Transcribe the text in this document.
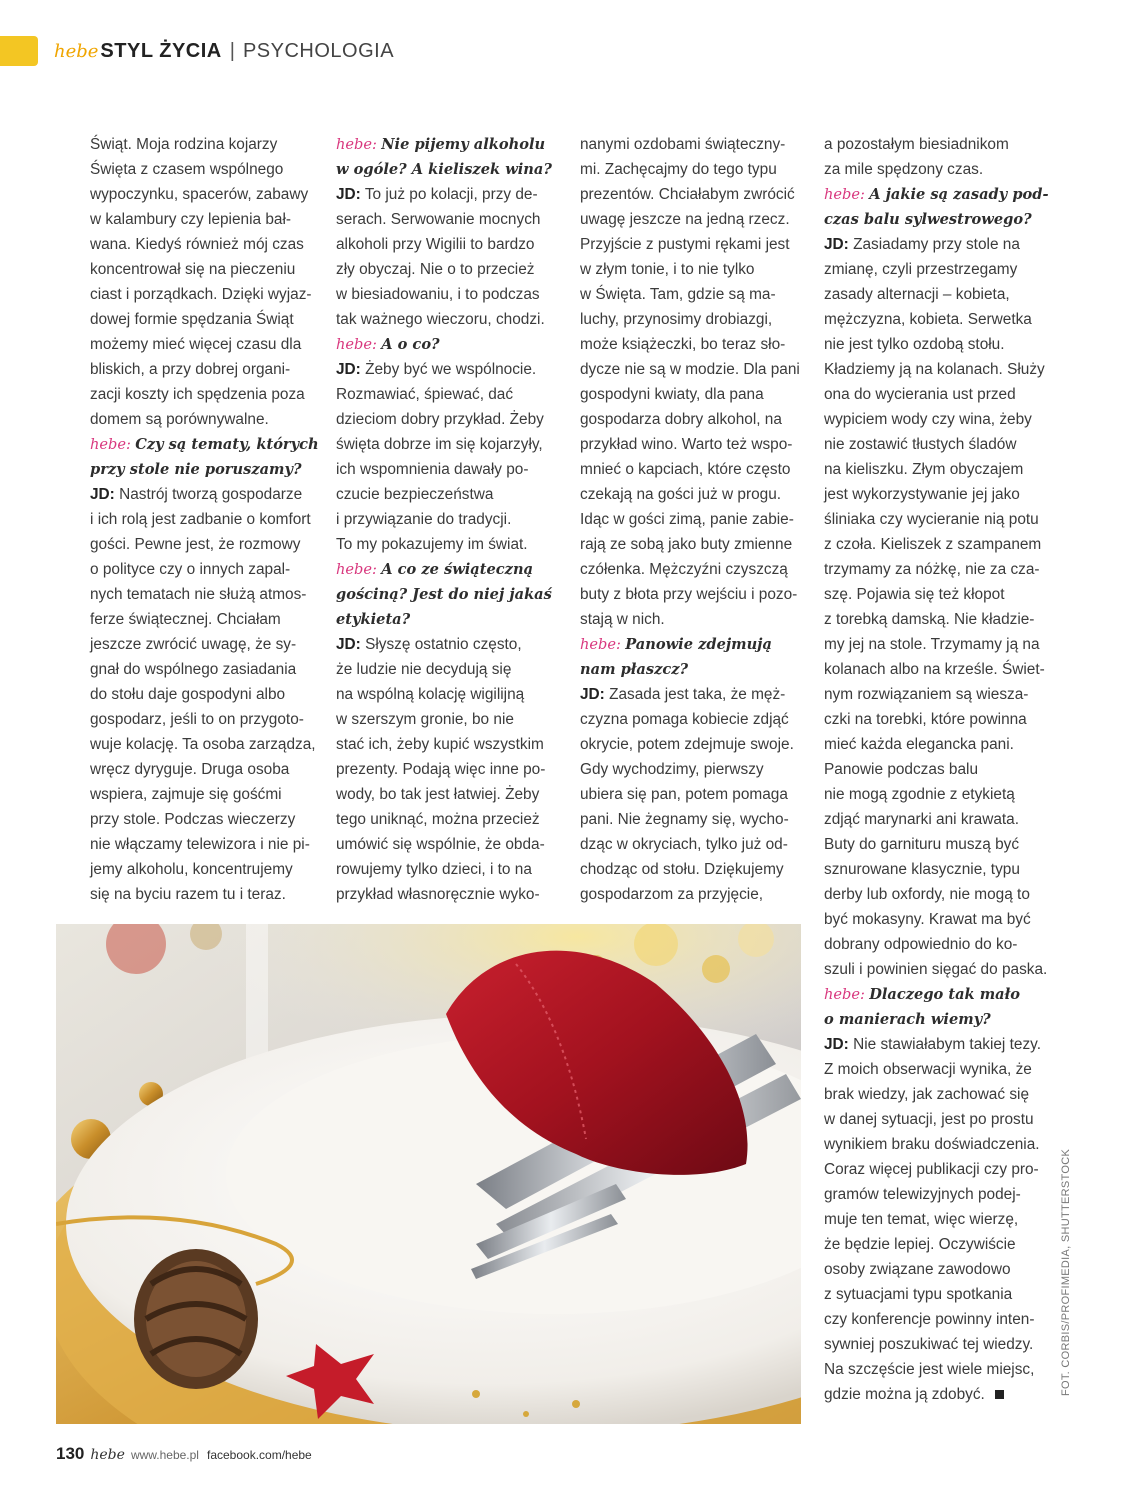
hebe STYL ŻYCIA | PSYCHOLOGIA
Świąt. Moja rodzina kojarzy
Święta z czasem wspólnego
wypoczynku, spacerów, zabawy
w kalambury czy lepienia bał-
wana. Kiedyś również mój czas
koncentrował się na pieczeniu
ciast i porządkach. Dzięki wyjaz-
dowej formie spędzania Świąt
możemy mieć więcej czasu dla
bliskich, a przy dobrej organi-
zacji koszty ich spędzenia poza
domem są porównywalne.
hebe: Czy są tematy, których
przy stole nie poruszamy?
JD: Nastrój tworzą gospodarze
i ich rolą jest zadbanie o komfort
gości. Pewne jest, że rozmowy
o polityce czy o innych zapal-
nych tematach nie służą atmos-
ferze świątecznej. Chciałam
jeszcze zwrócić uwagę, że sy-
gnał do wspólnego zasiadania
do stołu daje gospodyni albo
gospodarz, jeśli to on przygoto-
wuje kolację. Ta osoba zarządza,
wręcz dyryguje. Druga osoba
wspiera, zajmuje się gośćmi
przy stole. Podczas wieczerzy
nie włączamy telewizora i nie pi-
jemy alkoholu, koncentrujemy
się na byciu razem tu i teraz.
hebe: Nie pijemy alkoholu
w ogóle? A kieliszek wina?
JD: To już po kolacji, przy de-
serach. Serwowanie mocnych
alkoholi przy Wigilii to bardzo
zły obyczaj. Nie o to przecież
w biesiadowaniu, i to podczas
tak ważnego wieczoru, chodzi.
hebe: A o co?
JD: Żeby być we wspólnocie.
Rozmawiać, śpiewać, dać
dzieciom dobry przykład. Żeby
święta dobrze im się kojarzyły,
ich wspomnienia dawały po-
czucie bezpieczeństwa
i przywiązanie do tradycji.
To my pokazujemy im świat.
hebe: A co ze świąteczną
gościną? Jest do niej jakaś
etykieta?
JD: Słyszę ostatnio często,
że ludzie nie decydują się
na wspólną kolację wigilijną
w szerszym gronie, bo nie
stać ich, żeby kupić wszystkim
prezenty. Podają więc inne po-
wody, bo tak jest łatwiej. Żeby
tego uniknąć, można przecież
umówić się wspólnie, że obda-
rowujemy tylko dzieci, i to na
przykład własnoręcznie wyko-
nanymi ozdobami świąteczny-
mi. Zachęcajmy do tego typu
prezentów. Chciałabym zwrócić
uwagę jeszcze na jedną rzecz.
Przyjście z pustymi rękami jest
w złym tonie, i to nie tylko
w Święta. Tam, gdzie są ma-
luchy, przynosimy drobiazgi,
może książeczki, bo teraz sło-
dycze nie są w modzie. Dla pani
gospodyni kwiaty, dla pana
gospodarza dobry alkohol, na
przykład wino. Warto też wspo-
mnieć o kapciach, które często
czekają na gości już w progu.
Idąc w gości zimą, panie zabie-
rają ze sobą jako buty zmienne
czółenka. Mężczyźni czyszczą
buty z błota przy wejściu i pozo-
stają w nich.
hebe: Panowie zdejmują
nam płaszcz?
JD: Zasada jest taka, że męż-
czyzna pomaga kobiecie zdjąć
okrycie, potem zdejmuje swoje.
Gdy wychodzimy, pierwszy
ubiera się pan, potem pomaga
pani. Nie żegnamy się, wycho-
dząc w okryciach, tylko już od-
chodząc od stołu. Dziękujemy
gospodarzom za przyjęcie,
a pozostałym biesiadnikom
za mile spędzony czas.
hebe: A jakie są zasady pod-
czas balu sylwestrowego?
JD: Zasiadamy przy stole na
zmianę, czyli przestrzegamy
zasady alternacji – kobieta,
mężczyzna, kobieta. Serwetka
nie jest tylko ozdobą stołu.
Kładziemy ją na kolanach. Służy
ona do wycierania ust przed
wypiciem wody czy wina, żeby
nie zostawić tłustych śladów
na kieliszku. Złym obyczajem
jest wykorzystywanie jej jako
śliniaka czy wycieranie nią potu
z czoła. Kieliszek z szampanem
trzymamy za nóżkę, nie za cza-
szę. Pojawia się też kłopot
z torebką damską. Nie kładzie-
my jej na stole. Trzymamy ją na
kolanach albo na krześle. Świet-
nym rozwiązaniem są wiesza-
czki na torebki, które powinna
mieć każda elegancka pani.
Panowie podczas balu
nie mogą zgodnie z etykietą
zdjąć marynarki ani krawata.
Buty do garnituru muszą być
sznurowane klasycznie, typu
derby lub oxfordy, nie mogą to
być mokasyny. Krawat ma być
dobrany odpowiednio do ko-
szuli i powinien sięgać do paska.
hebe: Dlaczego tak mało
o manierach wiemy?
JD: Nie stawiałabym takiej tezy.
Z moich obserwacji wynika, że
brak wiedzy, jak zachować się
w danej sytuacji, jest po prostu
wynikiem braku doświadczenia.
Coraz więcej publikacji czy pro-
gramów telewizyjnych podej-
muje ten temat, więc wierzę,
że będzie lepiej. Oczywiście
osoby związane zawodowo
z sytuacjami typu spotkania
czy konferencje powinny inten-
sywniej poszukiwać tej wiedzy.
Na szczęście jest wiele miejsc,
gdzie można ją zdobyć.	FOT. CORBIS/PROFIMEDIA, SHUTTERSTOCK
130 hebe www.hebe.pl facebook.com/hebe
